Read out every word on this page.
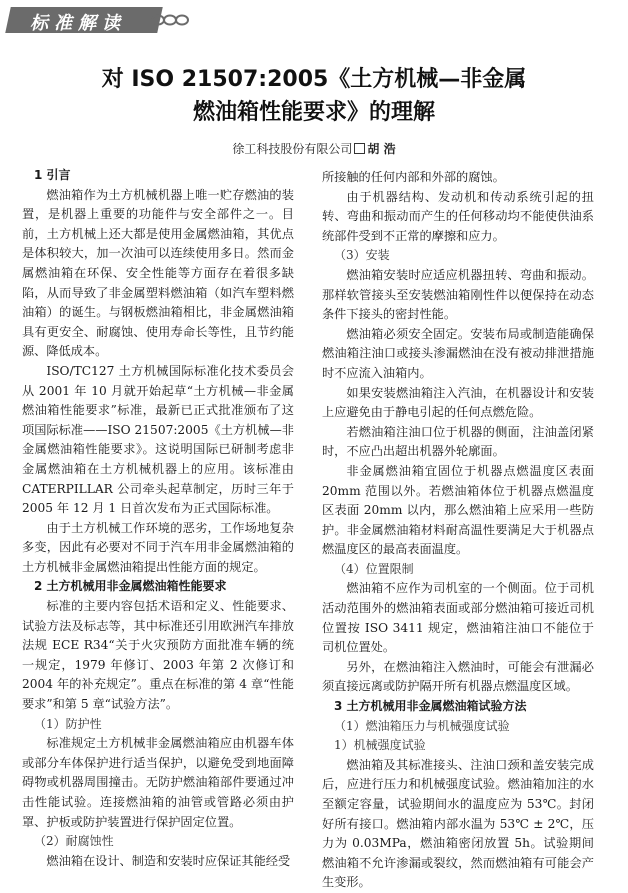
标准解读
对 ISO 21507:2005《土方机械—非金属
燃油箱性能要求》的理解
徐工科技股份有限公司 胡 浩
1 引言

燃油箱作为土方机械机器上唯一贮存燃油的装置，是机器上重要的功能件与安全部件之一。目前，土方机械上还大都是使用金属燃油箱，其优点是体积较大，加一次油可以连续使用多日。然而金属燃油箱在环保、安全性能等方面存在着很多缺陷，从而导致了非金属塑料燃油箱（如汽车塑料燃油箱）的诞生。与钢板燃油箱相比，非金属燃油箱具有更安全、耐腐蚀、使用寿命长等性，且节约能源、降低成本。

ISO/TC127 土方机械国际标准化技术委员会从 2001 年 10 月就开始起草“土方机械—非金属燃油箱性能要求”标准，最新已正式批准颁布了这项国际标准——ISO 21507:2005《土方机械—非金属燃油箱性能要求》。这说明国际已研制考虑非金属燃油箱在土方机械机器上的应用。该标准由 CATERPILLAR 公司牵头起草制定，历时三年于 2005 年 12 月 1 日首次发布为正式国际标准。

由于土方机械工作环境的恶劣，工作场地复杂多变，因此有必要对不同于汽车用非金属燃油箱的土方机械非金属燃油箱提出性能方面的规定。

2 土方机械用非金属燃油箱性能要求

标准的主要内容包括术语和定义、性能要求、试验方法及标志等，其中标准还引用欧洲汽车排放法规 ECE R34“关于火灾预防方面批准车辆的统一规定，1979 年修订、2003 年第 2 次修订和 2004 年的补充规定”。重点在标准的第 4 章“性能要求”和第 5 章“试验方法”。

（1）防护性

标准规定土方机械非金属燃油箱应由机器车体或部分车体保护进行适当保护，以避免受到地面障碍物或机器周围撞击。无防护燃油箱部件要通过冲击性能试验。连接燃油箱的油管或管路必须由护罩、护板或防护装置进行保护固定位置。

（2）耐腐蚀性

燃油箱在设计、制造和安装时应保证其能经受

所接触的任何内部和外部的腐蚀。

由于机器结构、发动机和传动系统引起的扭转、弯曲和振动而产生的任何移动均不能使供油系统部件受到不正常的摩擦和应力。

（3）安装

燃油箱安装时应适应机器扭转、弯曲和振动。那样软管接头至安装燃油箱刚性件以便保持在动态条件下接头的密封性能。

燃油箱必须安全固定。安装布局或制造能确保燃油箱注油口或接头渗漏燃油在没有被动排泄措施时不应流入油箱内。

如果安装燃油箱注入汽油，在机器设计和安装上应避免由于静电引起的任何点燃危险。

若燃油箱注油口位于机器的侧面，注油盖闭紧时，不应凸出超出机器外轮廓面。

非金属燃油箱宜固位于机器点燃温度区表面 20mm 范围以外。若燃油箱体位于机器点燃温度区表面 20mm 以内，那么燃油箱上应采用一些防护。非金属燃油箱材料耐高温性要满足大于机器点燃温度区的最高表面温度。

（4）位置限制

燃油箱不应作为司机室的一个侧面。位于司机活动范围外的燃油箱表面或部分燃油箱可接近司机位置按 ISO 3411 规定，燃油箱注油口不能位于司机位置处。

另外，在燃油箱注入燃油时，可能会有泄漏必须直接远离或防护隔开所有机器点燃温度区域。

3 土方机械用非金属燃油箱试验方法
（1）燃油箱压力与机械强度试验
1）机械强度试验

燃油箱及其标准接头、注油口颈和盖安装完成后，应进行压力和机械强度试验。燃油箱加注的水至额定容量，试验期间水的温度应为 53℃。封闭好所有接口。燃油箱内部水温为 53℃ ± 2℃，压力为 0.03MPa，燃油箱密闭放置 5h。试验期间燃油箱不允许渗漏或裂纹，然而燃油箱有可能会产生变形。
